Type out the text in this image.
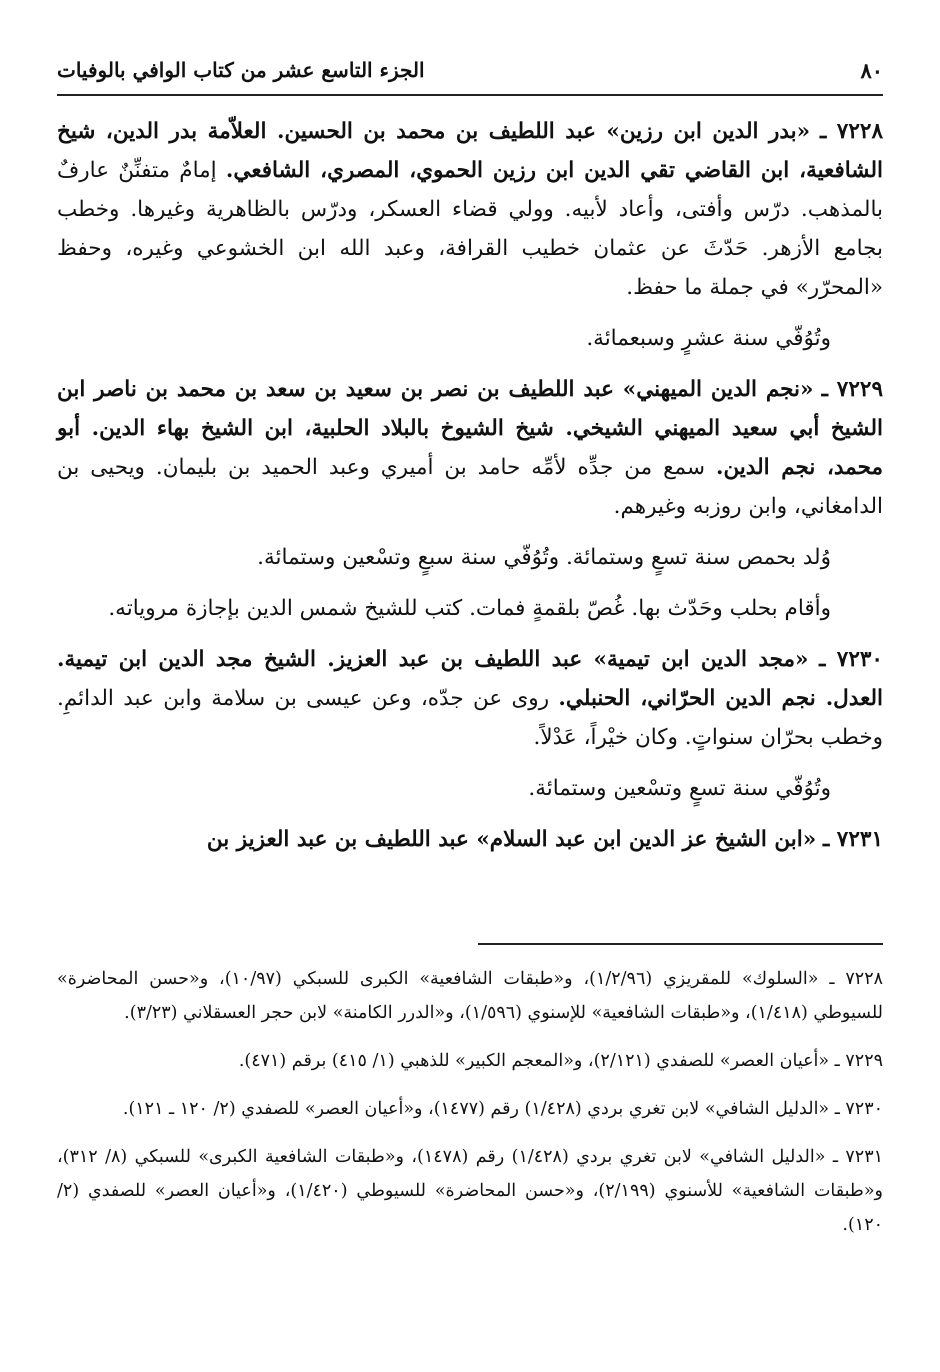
٨٠
الجزء التاسع عشر من كتاب الوافي بالوفيات

٧٢٢٨ ـ «بدر الدين ابن رزين» عبد اللطيف بن محمد بن الحسين. العلاّمة بدر الدين، شيخ الشافعية، ابن القاضي تقي الدين ابن رزين الحموي، المصري، الشافعي. إمامٌ متفنِّنٌ عارفٌ بالمذهب. درّس وأفتى، وأعاد لأبيه. وولي قضاء العسكر، ودرّس بالظاهرية وغيرها. وخطب بجامع الأزهر. حَدّثَ عن عثمان خطيب القرافة، وعبد الله ابن الخشوعي وغيره، وحفظ «المحرّر» في جملة ما حفظ.

وتُوُفّي سنة عشرٍ وسبعمائة.

٧٢٢٩ ـ «نجم الدين الميهني» عبد اللطيف بن نصر بن سعيد بن سعد بن محمد بن ناصر ابن الشيخ أبي سعيد الميهني الشيخي. شيخ الشيوخ بالبلاد الحلبية، ابن الشيخ بهاء الدين. أبو محمد، نجم الدين. سمع من جدِّه لأمِّه حامد بن أميري وعبد الحميد بن بليمان. ويحيى بن الدامغاني، وابن روزبه وغيرهم.

وُلد بحمص سنة تسعٍ وستمائة. وتُوُفّي سنة سبعٍ وتسْعين وستمائة.

وأقام بحلب وحَدّث بها. غُصّ بلقمةٍ فمات. كتب للشيخ شمس الدين بإجازة مروياته.

٧٢٣٠ ـ «مجد الدين ابن تيمية» عبد اللطيف بن عبد العزيز. الشيخ مجد الدين ابن تيمية. العدل. نجم الدين الحرّاني، الحنبلي. روى عن جدّه، وعن عيسى بن سلامة وابن عبد الدائمِ. وخطب بحرّان سنواتٍ. وكان خيْراً، عَدْلاً.

وتُوُفّي سنة تسعٍ وتسْعين وستمائة.

٧٢٣١ ـ «ابن الشيخ عز الدين ابن عبد السلام» عبد اللطيف بن عبد العزيز بن

٧٢٢٨ ـ «السلوك» للمقريزي (١/٢/٩٦)، و«طبقات الشافعية» الكبرى للسبكي (١٠/٩٧)، و«حسن المحاضرة» للسيوطي (١/٤١٨)، و«طبقات الشافعية» للإسنوي (١/٥٩٦)، و«الدرر الكامنة» لابن حجر العسقلاني (٣/٢٣).

٧٢٢٩ ـ «أعيان العصر» للصفدي (٢/١٢١)، و«المعجم الكبير» للذهبي (١/ ٤١٥) برقم (٤٧١).

٧٢٣٠ ـ «الدليل الشافي» لابن تغري بردي (١/٤٢٨) رقم (١٤٧٧)، و«أعيان العصر» للصفدي (٢/ ١٢٠ ـ ١٢١).

٧٢٣١ ـ «الدليل الشافي» لابن تغري بردي (١/٤٢٨) رقم (١٤٧٨)، و«طبقات الشافعية الكبرى» للسبكي (٨/ ٣١٢)، و«طبقات الشافعية» للأسنوي (٢/١٩٩)، و«حسن المحاضرة» للسيوطي (١/٤٢٠)، و«أعيان العصر» للصفدي (٢/ ١٢٠).
